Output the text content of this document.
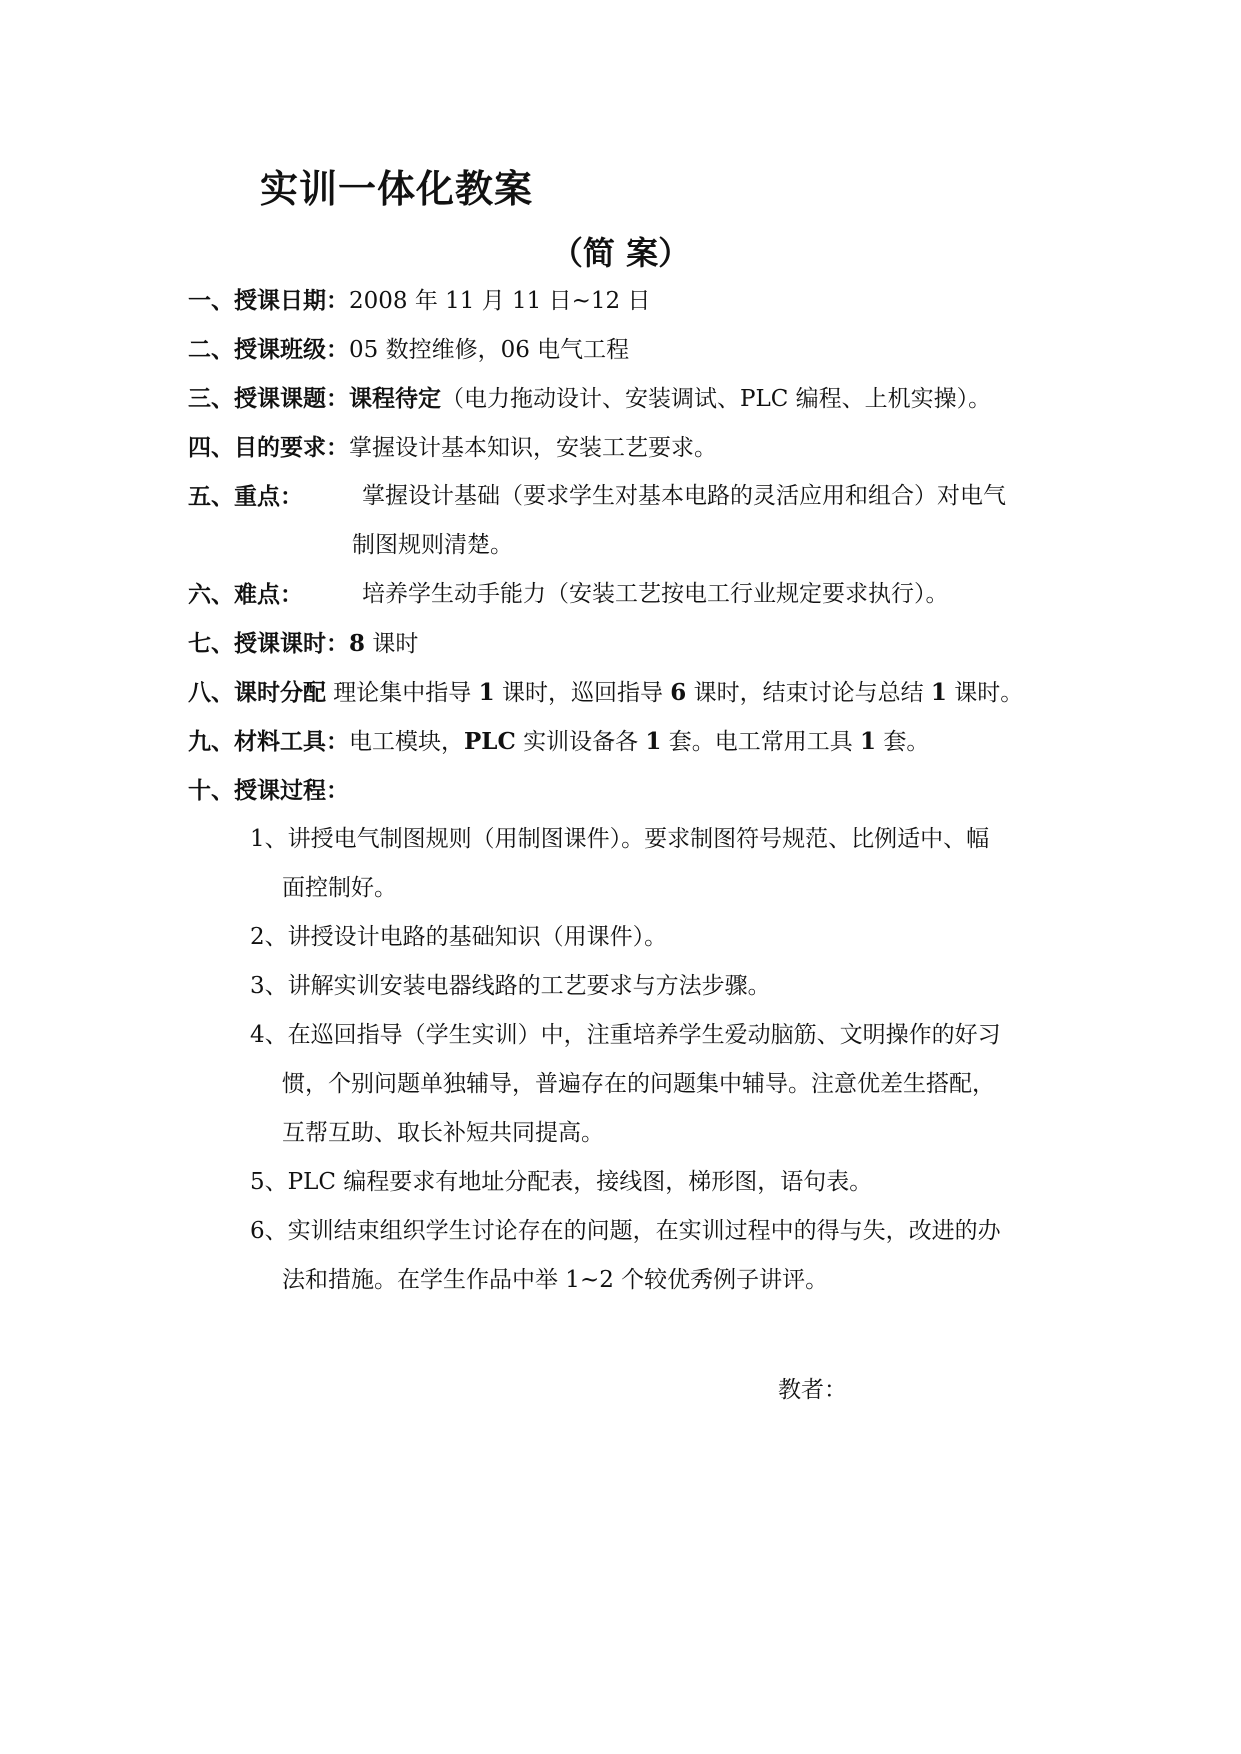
实训一体化教案
（简 案）
一、授课日期：2008 年 11 月 11 日~12 日
二、授课班级：05 数控维修，06 电气工程
三、授课课题：课程待定（电力拖动设计、安装调试、PLC 编程、上机实操）。
四、目的要求：掌握设计基本知识，安装工艺要求。
五、重点：	掌握设计基础（要求学生对基本电路的灵活应用和组合）对电气
制图规则清楚。
六、难点：	培养学生动手能力（安装工艺按电工行业规定要求执行）。
七、授课课时：8 课时
八、课时分配 理论集中指导 1 课时，巡回指导 6 课时，结束讨论与总结 1 课时。
九、材料工具：电工模块，PLC 实训设备各 1 套。电工常用工具 1 套。
十、授课过程：
1、讲授电气制图规则（用制图课件）。要求制图符号规范、比例适中、幅
面控制好。
2、讲授设计电路的基础知识（用课件）。
3、讲解实训安装电器线路的工艺要求与方法步骤。
4、在巡回指导（学生实训）中，注重培养学生爱动脑筋、文明操作的好习
惯，个别问题单独辅导，普遍存在的问题集中辅导。注意优差生搭配，
互帮互助、取长补短共同提高。
5、PLC 编程要求有地址分配表，接线图，梯形图，语句表。
6、实训结束组织学生讨论存在的问题，在实训过程中的得与失，改进的办
法和措施。在学生作品中举 1~2 个较优秀例子讲评。
教者：
